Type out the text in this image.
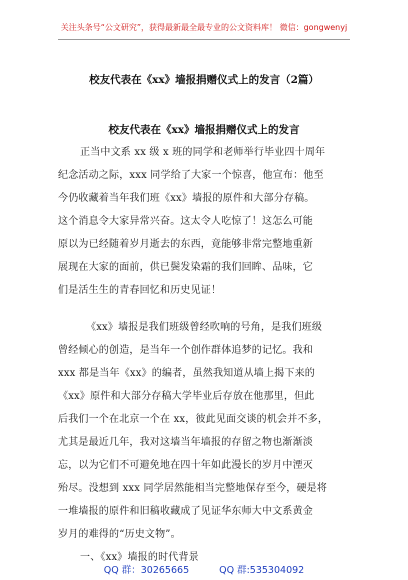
关注头条号“公文研究”，获得最新最全最专业的公文资料库！ 微信：gongwenyj
校友代表在《xx》墙报捐赠仪式上的发言（2篇）
校友代表在《xx》墙报捐赠仪式上的发言
正当中文系 xx 级 x 班的同学和老师举行毕业四十周年
纪念活动之际，xxx 同学给了大家一个惊喜，他宣布：他至
今仍收藏着当年我们班《xx》墙报的原件和大部分存稿。
这个消息令大家异常兴奋。这太令人吃惊了！这怎么可能
原以为已经随着岁月逝去的东西，竟能够非常完整地重新
展现在大家的面前，供已鬓发染霜的我们回眸、品味，它
们是活生生的青春回忆和历史见证！
《xx》墙报是我们班级曾经吹响的号角，是我们班级
曾经倾心的创造，是当年一个创作群体追梦的记忆。我和
xxx 都是当年《xx》的编者，虽然我知道从墙上揭下来的
《xx》原件和大部分存稿大学毕业后存放在他那里，但此
后我们一个在北京一个在 xx，彼此见面交谈的机会并不多，
尤其是最近几年，我对这墙当年墙报的存留之物也渐渐淡
忘，以为它们不可避免地在四十年如此漫长的岁月中湮灭
殆尽。没想到 xxx 同学居然能相当完整地保存至今，硬是将
一堆墙报的原件和旧稿收藏成了见证华东师大中文系黄金
岁月的难得的“历史文物”。
一、《xx》墙报的时代背景
QQ 群：30265665	QQ 群:535304092
